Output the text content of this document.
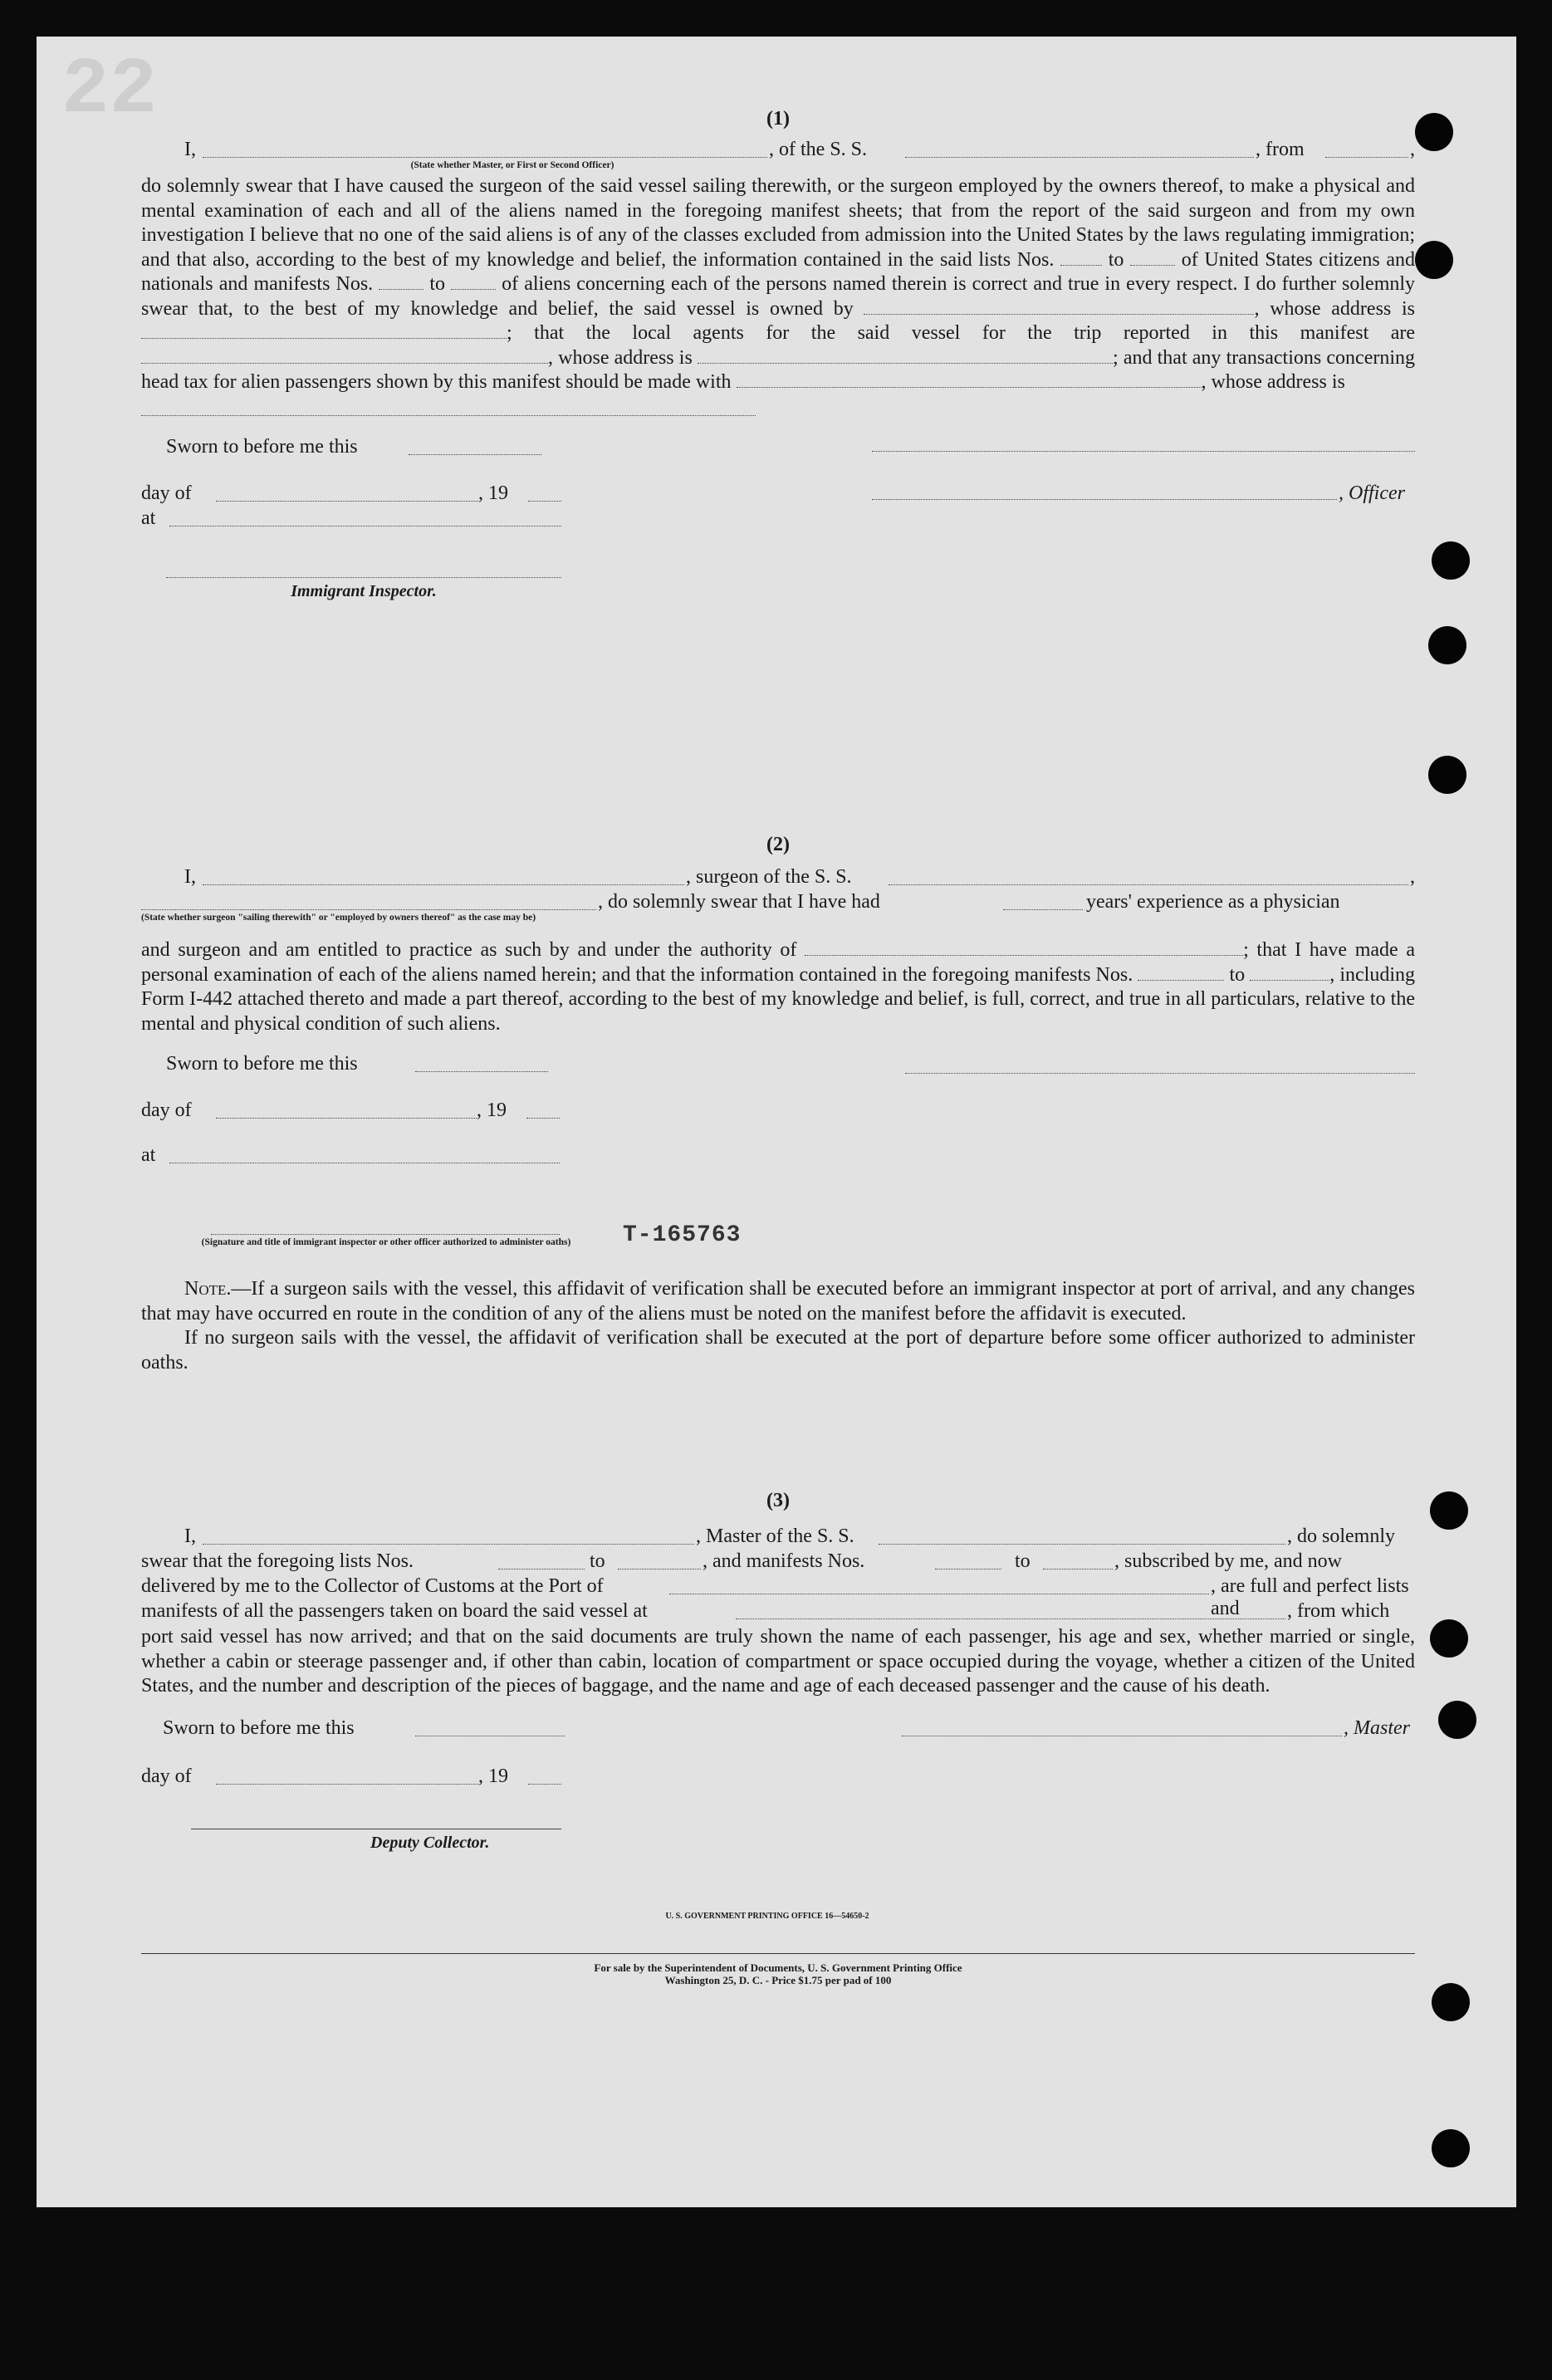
22	(1)
I,	, of the S. S.	, from	,
(State whether Master, or First or Second Officer)

do solemnly swear that I have caused the surgeon of the said vessel sailing therewith, or the surgeon employed by the owners thereof, to make a physical and mental examination of each and all of the aliens named in the foregoing manifest sheets; that from the report of the said surgeon and from my own investigation I believe that no one of the said aliens is of any of the classes excluded from admission into the United States by the laws regulating immigration; and that also, according to the best of my knowledge and belief, the information contained in the said lists Nos.	to	of United States citizens and nationals and manifests Nos.	to	of aliens concerning each of the persons named therein is correct and true in every respect. I do further solemnly swear that, to the best of my knowledge and belief, the said vessel is owned by	, whose address is ; that the local agents for the said vessel for the trip reported in this manifest are , whose address is	; and that any transactions concerning head tax for alien passengers shown by this manifest should be made with	, whose address is

Sworn to before me this
day of	, 19	, Officer
at
Immigrant Inspector.
(2)
I,	, surgeon of the S. S.	,
, do solemnly swear that I have had	years' experience as a physician
(State whether surgeon "sailing therewith" or "employed by owners thereof" as the case may be)

and surgeon and am entitled to practice as such by and under the authority of	; that I have made a personal examination of each of the aliens named herein; and that the information contained in the foregoing manifests Nos.	to	, including Form I-442 attached thereto and made a part thereof, according to the best of my knowledge and belief, is full, correct, and true in all particulars, relative to the mental and physical condition of such aliens.

Sworn to before me this
day of	, 19
at
T-165763
(Signature and title of immigrant inspector or other officer authorized to administer oaths)

Note.—If a surgeon sails with the vessel, this affidavit of verification shall be executed before an immigrant inspector at port of arrival, and any changes that may have occurred en route in the condition of any of the aliens must be noted on the manifest before the affidavit is executed.

If no surgeon sails with the vessel, the affidavit of verification shall be executed at the port of departure before some officer authorized to administer oaths.

(3)
I,	, Master of the S. S.	, do solemnly
swear that the foregoing lists Nos.	to	, and manifests Nos.	to	, subscribed by me, and now
delivered by me to the Collector of Customs at the Port of	, are full and perfect lists and
manifests of all the passengers taken on board the said vessel at	, from which

port said vessel has now arrived; and that on the said documents are truly shown the name of each passenger, his age and sex, whether married or single, whether a cabin or steerage passenger and, if other than cabin, location of compartment or space occupied during the voyage, whether a citizen of the United States, and the number and description of the pieces of baggage, and the name and age of each deceased passenger and the cause of his death.

Sworn to before me this	, Master
day of	, 19
Deputy Collector.
U. S. GOVERNMENT PRINTING OFFICE 16—54650-2
For sale by the Superintendent of Documents, U. S. Government Printing Office
Washington 25, D. C. - Price $1.75 per pad of 100
